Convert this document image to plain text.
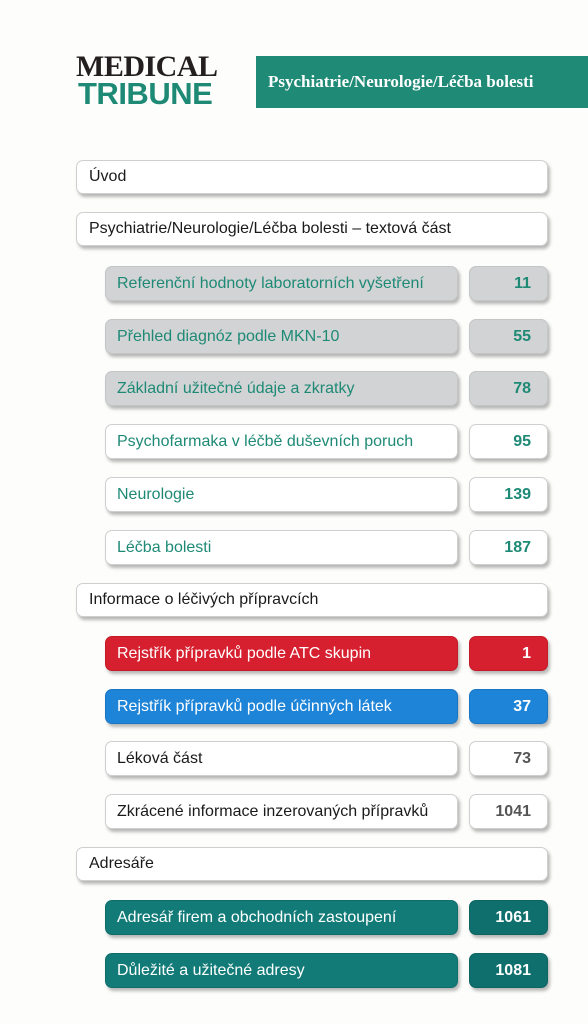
MEDICAL
TRIBUNE	Psychiatrie/Neurologie/Léčba bolesti
Úvod
Psychiatrie/Neurologie/Léčba bolesti – textová část
Referenční hodnoty laboratorních vyšetření	11
Přehled diagnóz podle MKN-10	55
Základní užitečné údaje a zkratky	78
Psychofarmaka v léčbě duševních poruch	95
Neurologie	139
Léčba bolesti	187
Informace o léčivých přípravcích
Rejstřík přípravků podle ATC skupin	1
Rejstřík přípravků podle účinných látek	37
Léková část	73
Zkrácené informace inzerovaných přípravků	1041
Adresáře
Adresář firem a obchodních zastoupení	1061
Důležité a užitečné adresy	1081
